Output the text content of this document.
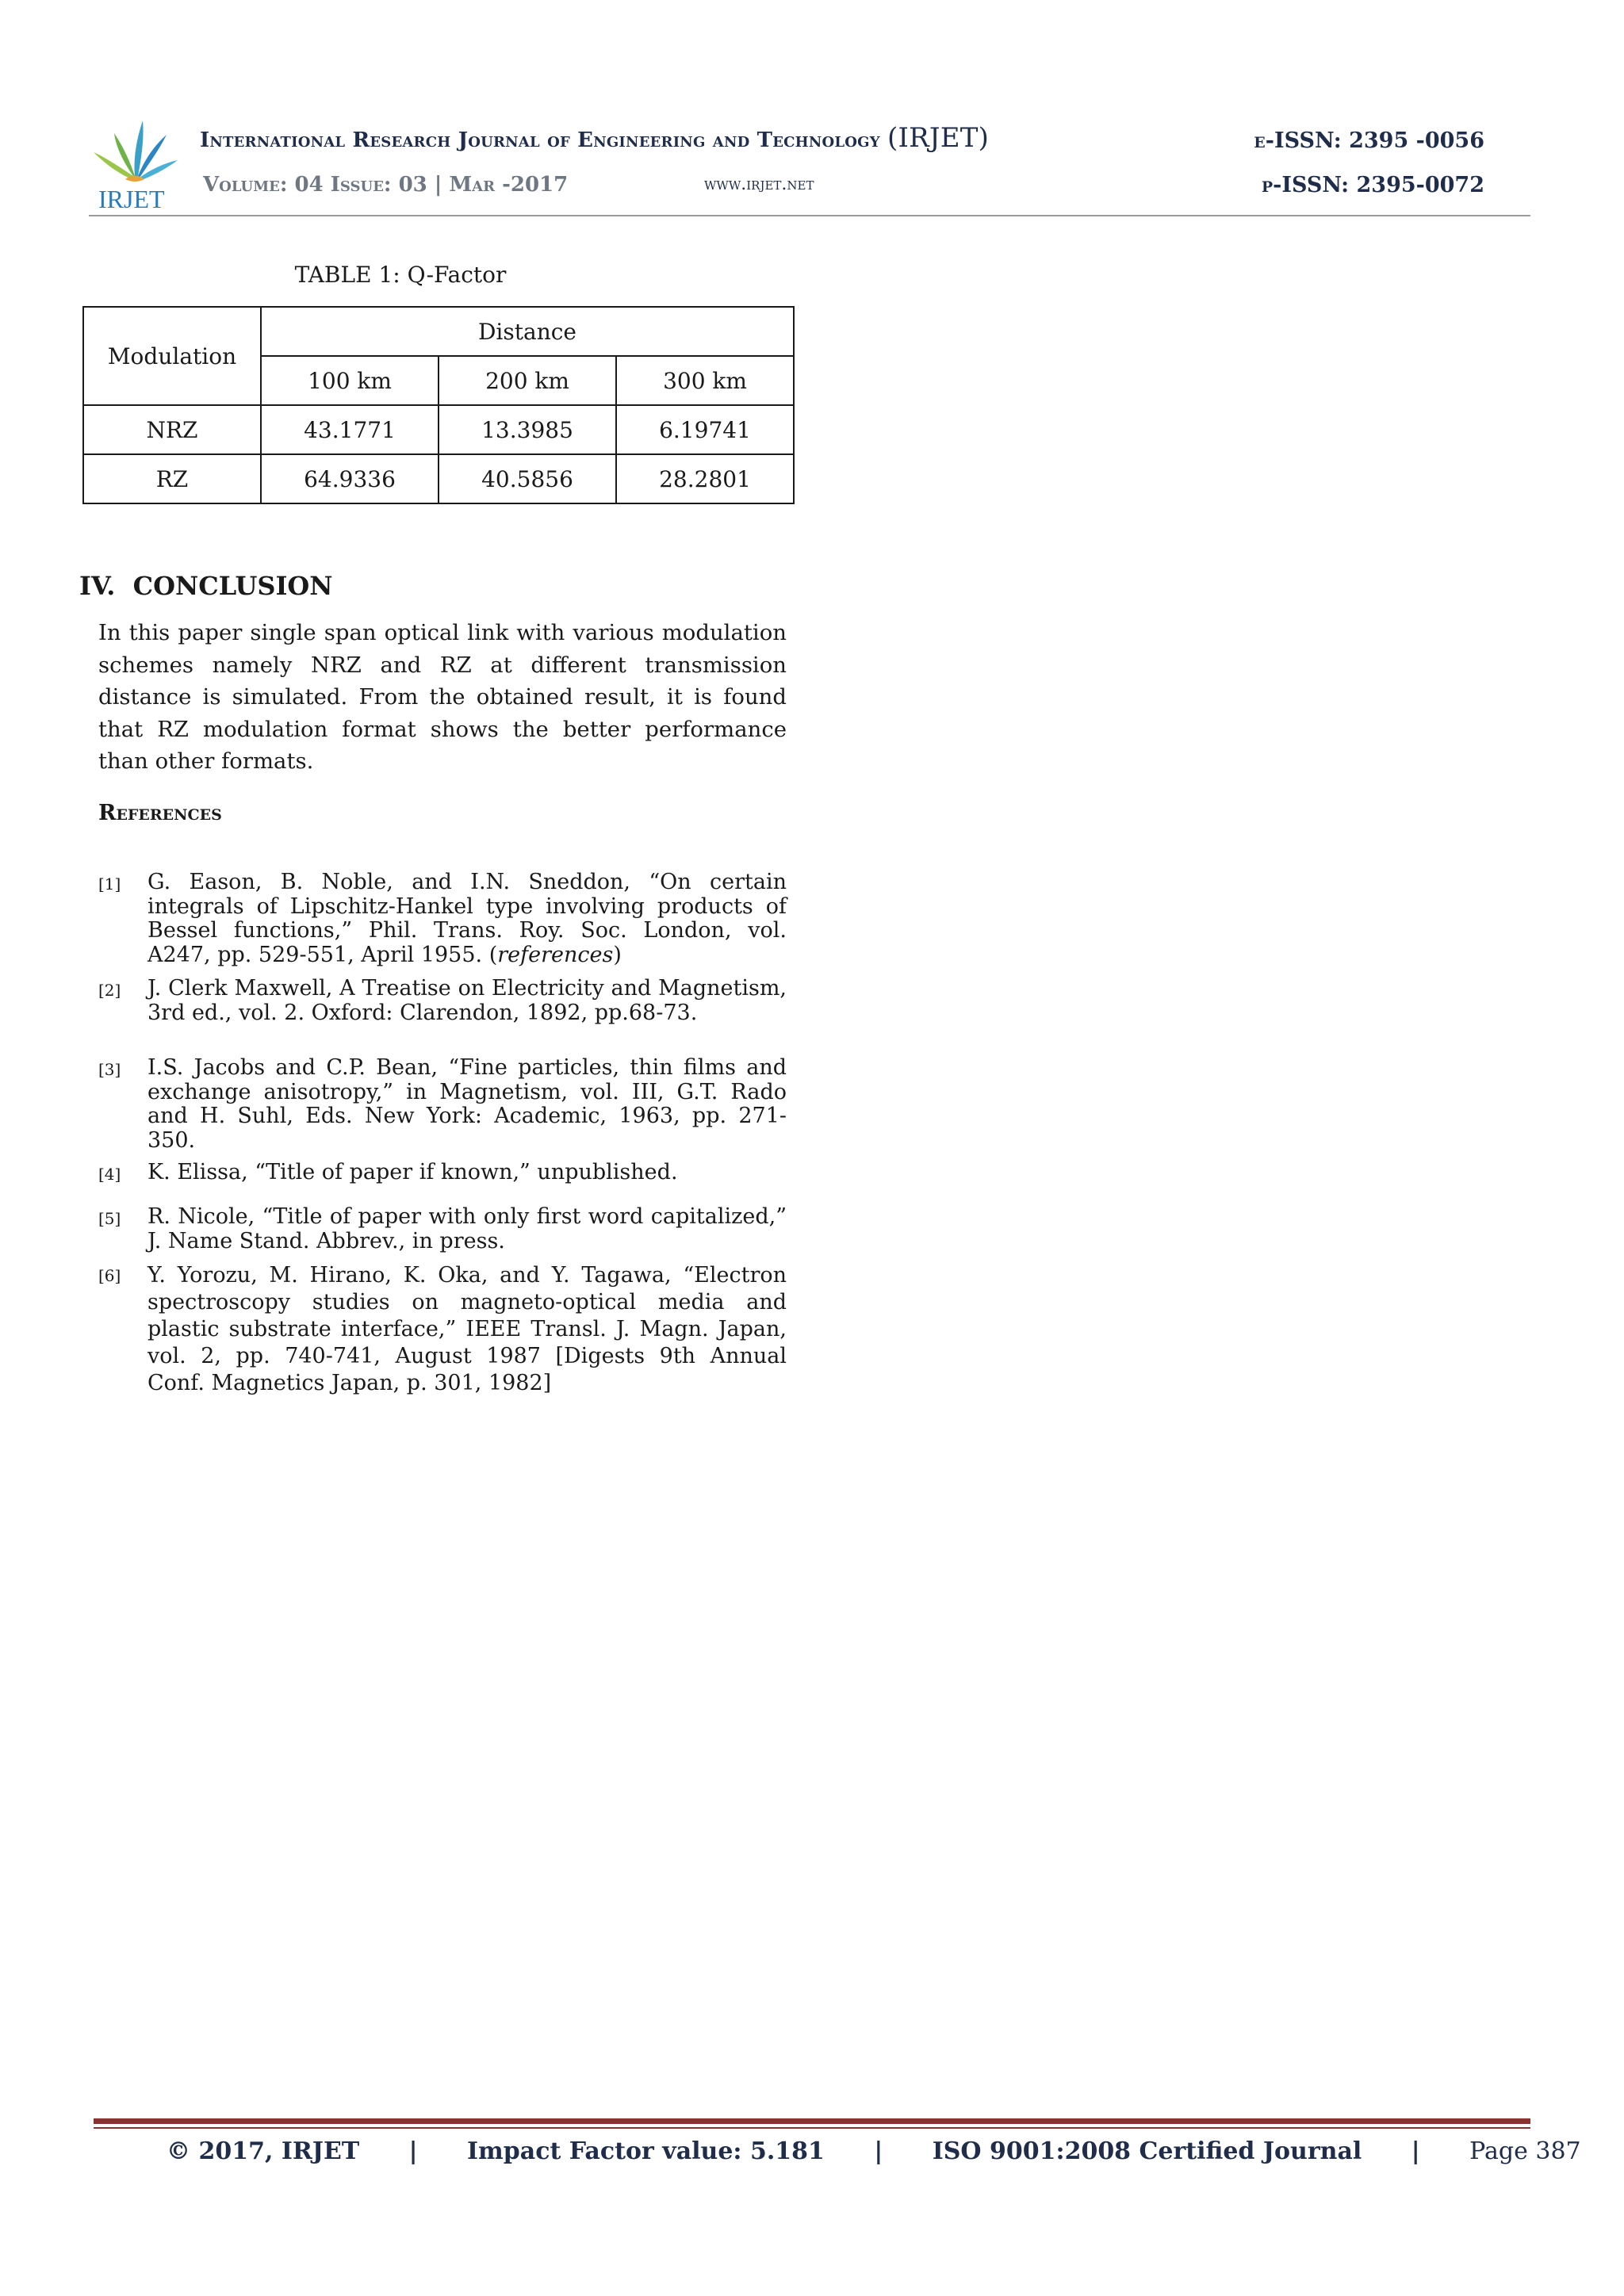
IRJET
International Research Journal of Engineering and Technology (IRJET)
Volume: 04 Issue: 03 | Mar -2017	www.irjet.net
e-ISSN: 2395 -0056
p-ISSN: 2395-0072
TABLE 1: Q-Factor
Modulation	Distance		
	100 km	200 km	300 km
NRZ	43.1771	13.3985	6.19741
RZ	64.9336	40.5856	28.2801
IV. CONCLUSION
In this paper single span optical link with various modulation schemes namely NRZ and RZ at different transmission distance is simulated. From the obtained result, it is found that RZ modulation format shows the better performance than other formats.
References
[1] G. Eason, B. Noble, and I.N. Sneddon, “On certain integrals of Lipschitz-Hankel type involving products of Bessel functions,” Phil. Trans. Roy. Soc. London, vol. A247, pp. 529-551, April 1955. (references)
[2] J. Clerk Maxwell, A Treatise on Electricity and Magnetism, 3rd ed., vol. 2. Oxford: Clarendon, 1892, pp.68-73.
[3] I.S. Jacobs and C.P. Bean, “Fine particles, thin films and exchange anisotropy,” in Magnetism, vol. III, G.T. Rado and H. Suhl, Eds. New York: Academic, 1963, pp. 271-350.
[4] K. Elissa, “Title of paper if known,” unpublished.
[5] R. Nicole, “Title of paper with only first word capitalized,” J. Name Stand. Abbrev., in press.
[6] Y. Yorozu, M. Hirano, K. Oka, and Y. Tagawa, “Electron spectroscopy studies on magneto-optical media and plastic substrate interface,” IEEE Transl. J. Magn. Japan, vol. 2, pp. 740-741, August 1987 [Digests 9th Annual Conf. Magnetics Japan, p. 301, 1982]
© 2017, IRJET | Impact Factor value: 5.181 | ISO 9001:2008 Certified Journal | Page 387
